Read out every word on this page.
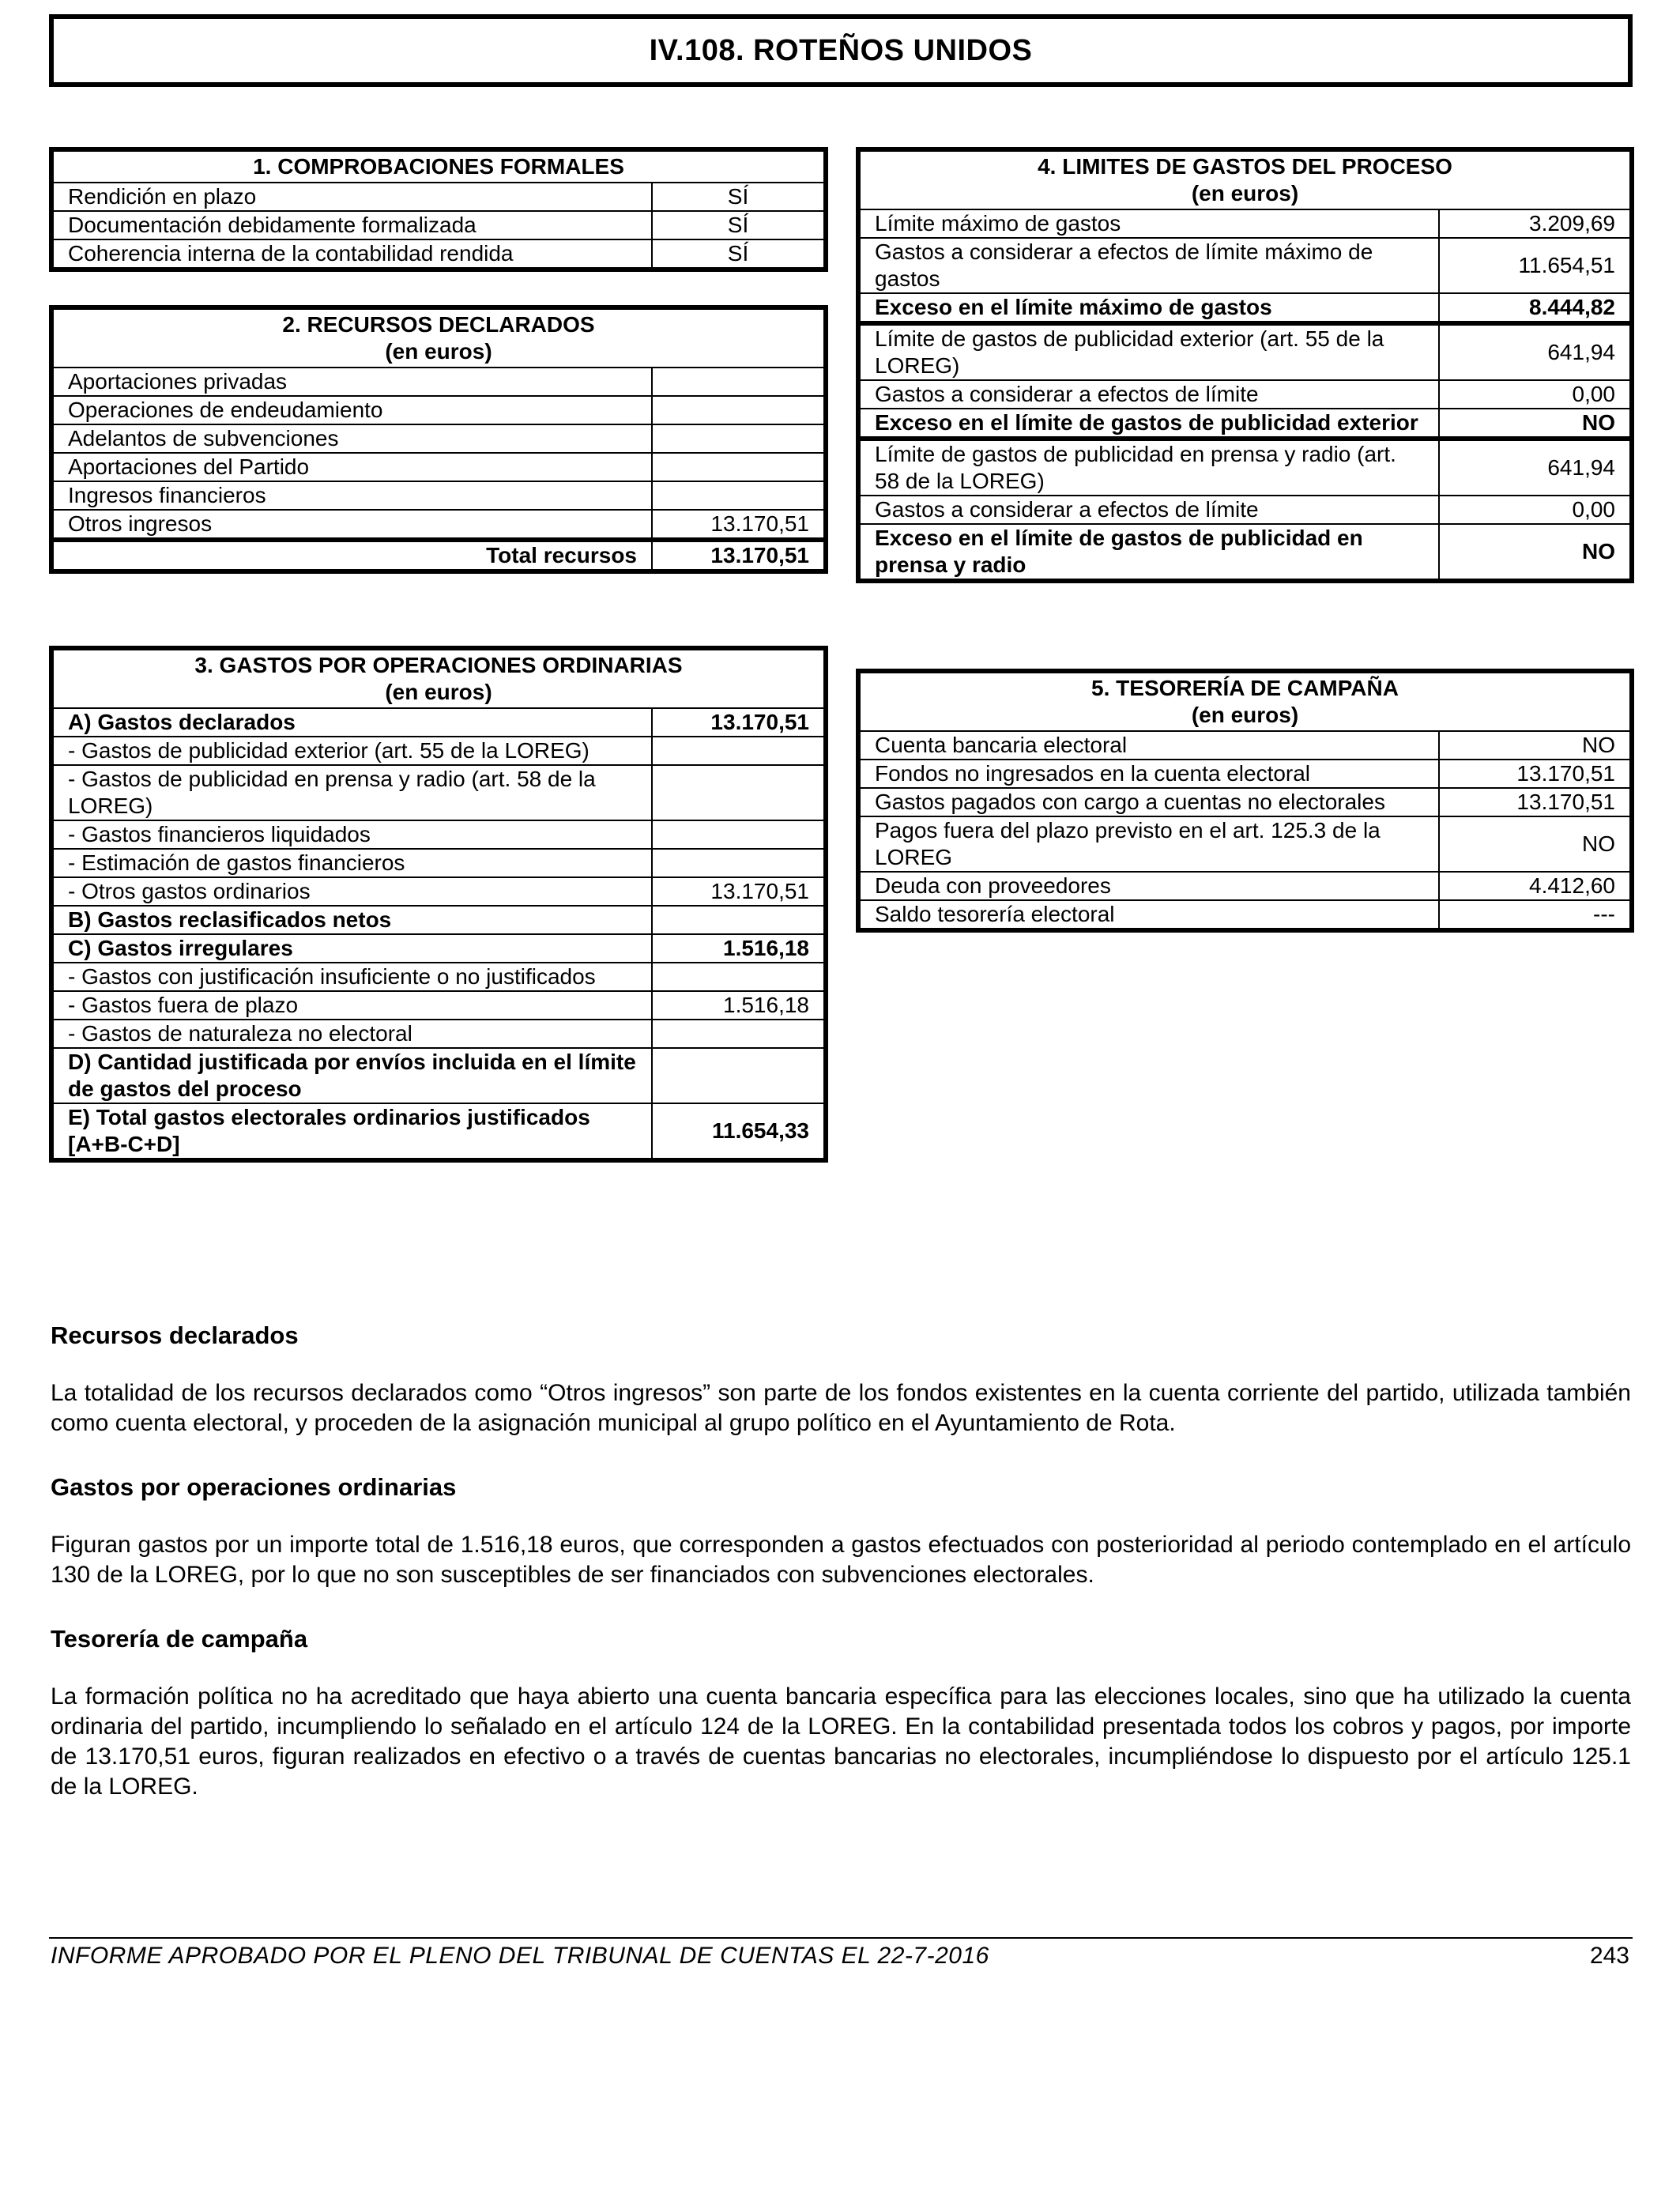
IV.108. ROTEÑOS UNIDOS
1. COMPROBACIONES FORMALES	
Rendición en plazo	SÍ
Documentación debidamente formalizada	SÍ
Coherencia interna de la contabilidad rendida	SÍ
2. RECURSOS DECLARADOS
(en euros)	

Aportaciones privadas	
Operaciones de endeudamiento	
Adelantos de subvenciones	
Aportaciones del Partido	
Ingresos financieros	
Otros ingresos	13.170,51
Total recursos	13.170,51
3. GASTOS POR OPERACIONES ORDINARIAS
(en euros)	

A) Gastos declarados	13.170,51
- Gastos de publicidad exterior (art. 55 de la LOREG)	
- Gastos de publicidad en prensa y radio (art. 58 de la LOREG)	
- Gastos financieros liquidados	
- Estimación de gastos financieros	
- Otros gastos ordinarios	13.170,51
B) Gastos reclasificados netos	
C) Gastos irregulares	1.516,18
- Gastos con justificación insuficiente o no justificados	
- Gastos fuera de plazo	1.516,18
- Gastos de naturaleza no electoral	
D) Cantidad justificada por envíos incluida en el límite de gastos del proceso	
E) Total gastos electorales ordinarios justificados [A+B-C+D]	11.654,33
4. LIMITES DE GASTOS DEL PROCESO
(en euros)	

Límite máximo de gastos	3.209,69
Gastos a considerar a efectos de límite máximo de gastos	11.654,51
Exceso en el límite máximo de gastos	8.444,82
Límite de gastos de publicidad exterior (art. 55 de la LOREG)	641,94
Gastos a considerar a efectos de límite	0,00
Exceso en el límite de gastos de publicidad exterior	NO
Límite de gastos de publicidad en prensa y radio (art. 58 de la LOREG)	641,94
Gastos a considerar a efectos de límite	0,00
Exceso en el límite de gastos de publicidad en prensa y radio	NO
5. TESORERÍA DE CAMPAÑA
(en euros)	

Cuenta bancaria electoral	NO
Fondos no ingresados en la cuenta electoral	13.170,51
Gastos pagados con cargo a cuentas no electorales	13.170,51
Pagos fuera del plazo previsto en el art. 125.3 de la LOREG	NO
Deuda con proveedores	4.412,60
Saldo tesorería electoral	---
Recursos declarados

La totalidad de los recursos declarados como “Otros ingresos” son parte de los fondos existentes en la cuenta corriente del partido, utilizada también como cuenta electoral, y proceden de la asignación municipal al grupo político en el Ayuntamiento de Rota.

Gastos por operaciones ordinarias

Figuran gastos por un importe total de 1.516,18 euros, que corresponden a gastos efectuados con posterioridad al periodo contemplado en el artículo 130 de la LOREG, por lo que no son susceptibles de ser financiados con subvenciones electorales.

Tesorería de campaña

La formación política no ha acreditado que haya abierto una cuenta bancaria específica para las elecciones locales, sino que ha utilizado la cuenta ordinaria del partido, incumpliendo lo señalado en el artículo 124 de la LOREG. En la contabilidad presentada todos los cobros y pagos, por importe de 13.170,51 euros, figuran realizados en efectivo o a través de cuentas bancarias no electorales, incumpliéndose lo dispuesto por el artículo 125.1 de la LOREG.

INFORME APROBADO POR EL PLENO DEL TRIBUNAL DE CUENTAS EL 22-7-2016	243
